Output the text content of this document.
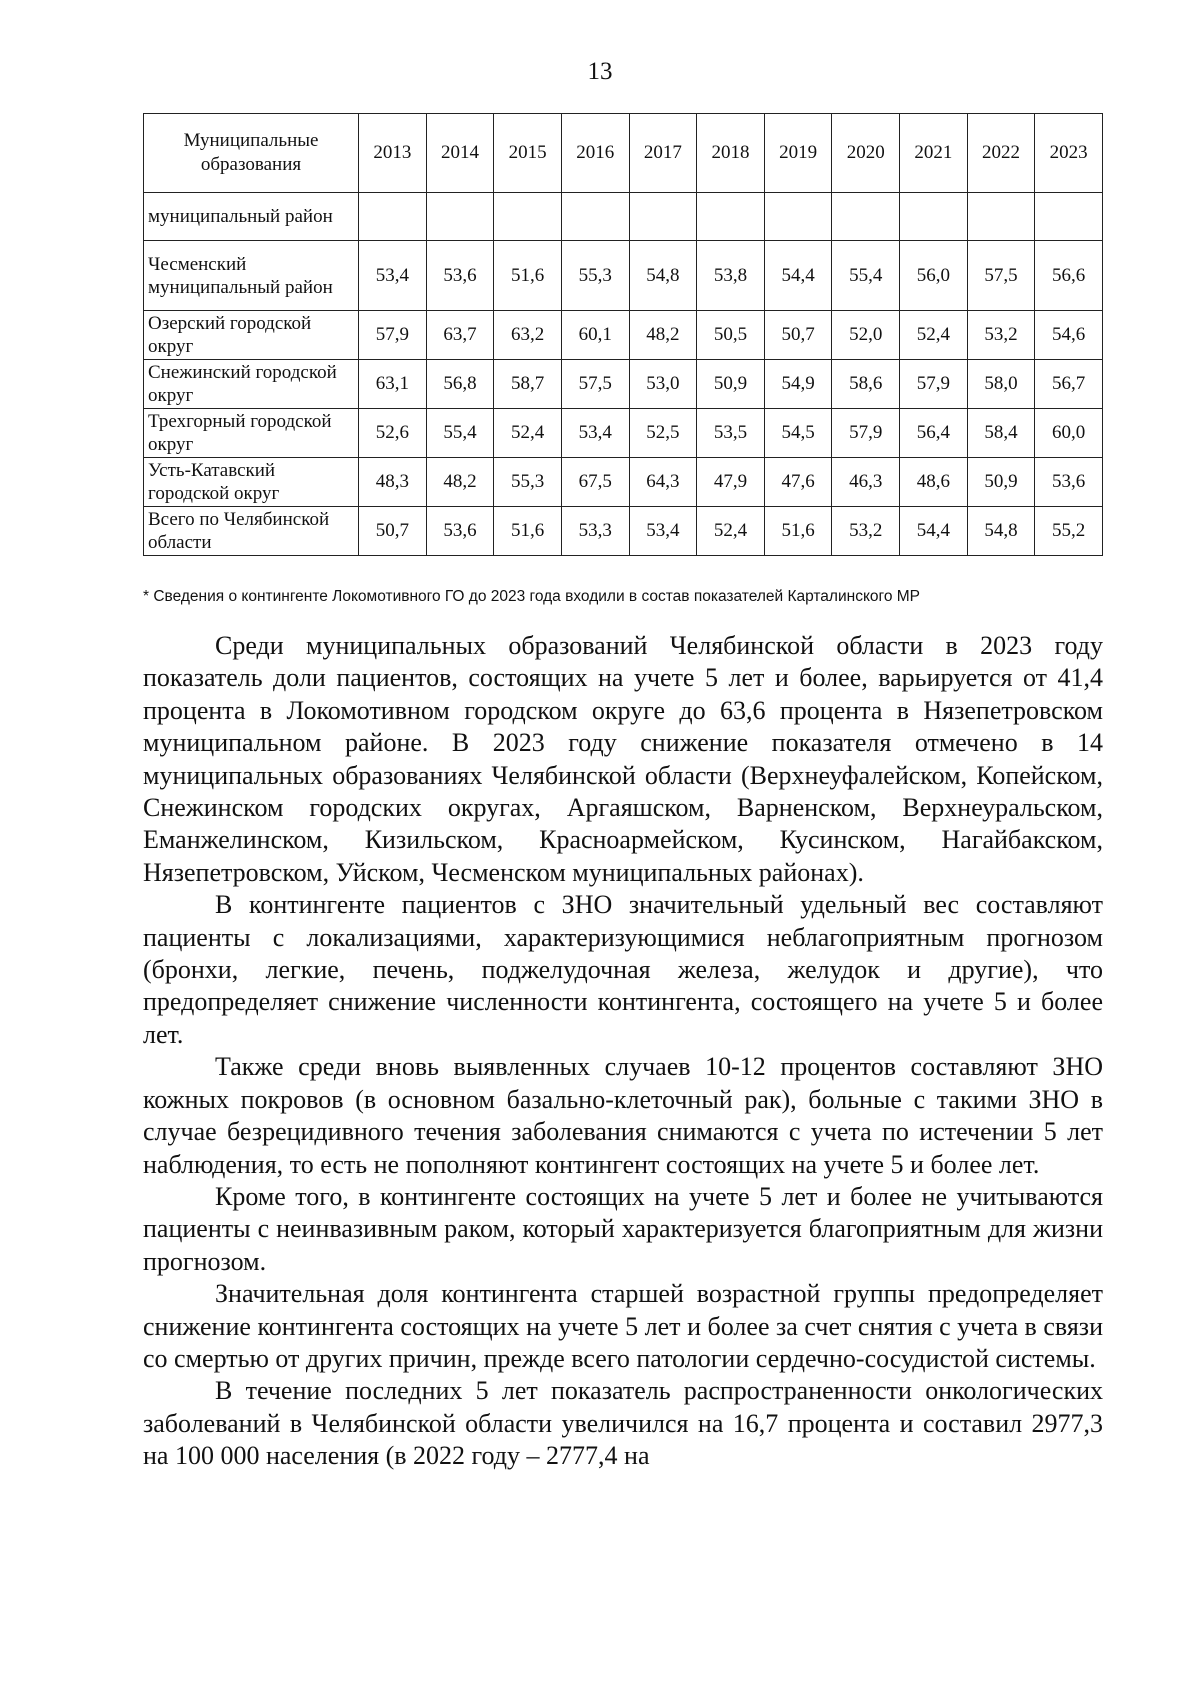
13
Муниципальные образования	2013	2014	2015	2016	2017	2018	2019	2020	2021	2022	2023
муниципальный район											
Чесменский муниципальный район	53,4	53,6	51,6	55,3	54,8	53,8	54,4	55,4	56,0	57,5	56,6
Озерский городской округ	57,9	63,7	63,2	60,1	48,2	50,5	50,7	52,0	52,4	53,2	54,6
Снежинский городской округ	63,1	56,8	58,7	57,5	53,0	50,9	54,9	58,6	57,9	58,0	56,7
Трехгорный городской округ	52,6	55,4	52,4	53,4	52,5	53,5	54,5	57,9	56,4	58,4	60,0
Усть-Катавский городской округ	48,3	48,2	55,3	67,5	64,3	47,9	47,6	46,3	48,6	50,9	53,6
Всего по Челябинской области	50,7	53,6	51,6	53,3	53,4	52,4	51,6	53,2	54,4	54,8	55,2
* Сведения о контингенте Локомотивного ГО до 2023 года входили в состав показателей Карталинского МР

Среди муниципальных образований Челябинской области в 2023 году показатель доли пациентов, состоящих на учете 5 лет и более, варьируется от 41,4 процента в Локомотивном городском округе до 63,6 процента в Нязепетровском муниципальном районе. В 2023 году снижение показателя отмечено в 14 муниципальных образованиях Челябинской области (Верхнеуфалейском, Копейском, Снежинском городских округах, Аргаяшском, Варненском, Верхнеуральском, Еманжелинском, Кизильском, Красноармейском, Кусинском, Нагайбакском, Нязепетровском, Уйском, Чесменском муниципальных районах).

В контингенте пациентов с ЗНО значительный удельный вес составляют пациенты с локализациями, характеризующимися неблагоприятным прогнозом (бронхи, легкие, печень, поджелудочная железа, желудок и другие), что предопределяет снижение численности контингента, состоящего на учете 5 и более лет.

Также среди вновь выявленных случаев 10-12 процентов составляют ЗНО кожных покровов (в основном базально-клеточный рак), больные с такими ЗНО в случае безрецидивного течения заболевания снимаются с учета по истечении 5 лет наблюдения, то есть не пополняют контингент состоящих на учете 5 и более лет.

Кроме того, в контингенте состоящих на учете 5 лет и более не учитываются пациенты с неинвазивным раком, который характеризуется благоприятным для жизни прогнозом.

Значительная доля контингента старшей возрастной группы предопределяет снижение контингента состоящих на учете 5 лет и более за счет снятия с учета в связи со смертью от других причин, прежде всего патологии сердечно-сосудистой системы.

В течение последних 5 лет показатель распространенности онкологических заболеваний в Челябинской области увеличился на 16,7 процента и составил 2977,3 на 100 000 населения (в 2022 году – 2777,4 на
